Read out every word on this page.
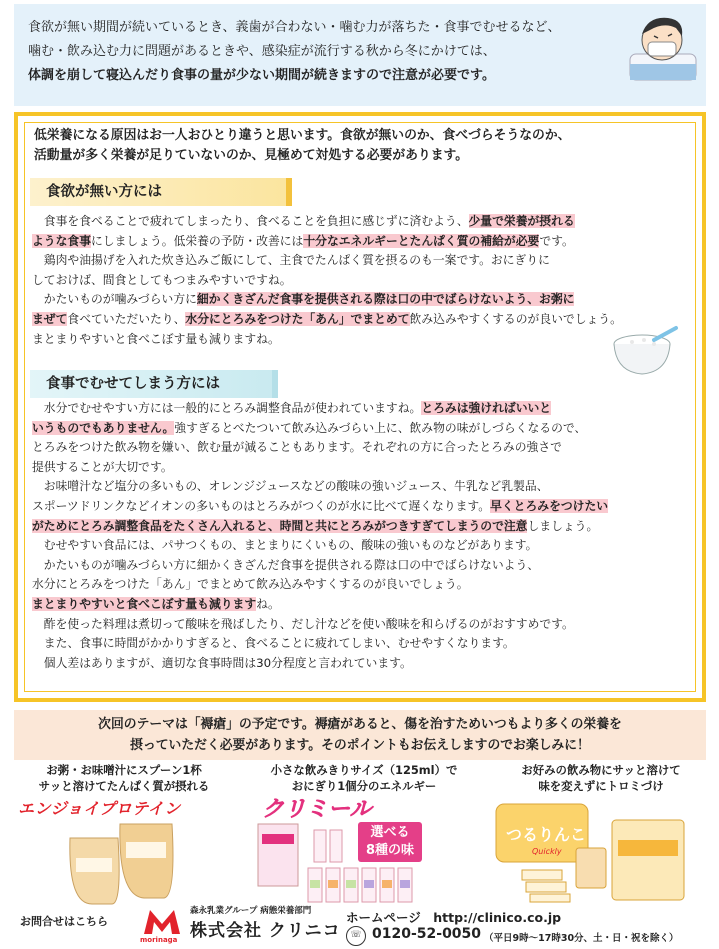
食欲が無い期間が続いているとき、義歯が合わない・噛む力が落ちた・食事でむせるなど、
噛む・飲み込む力に問題があるときや、感染症が流行する秋から冬にかけては、
体調を崩して寝込んだり食事の量が少ない期間が続きますので注意が必要です。
低栄養になる原因はお一人おひとり違うと思います。食欲が無いのか、食べづらそうなのか、
活動量が多く栄養が足りていないのか、見極めて対処する必要があります。
食欲が無い方には
　食事を食べることで疲れてしまったり、食べることを負担に感じずに済むよう、少量で栄養が摂れる
ような食事にしましょう。低栄養の予防・改善には十分なエネルギーとたんぱく質の補給が必要です。
　鶏肉や油揚げを入れた炊き込みご飯にして、主食でたんぱく質を摂るのも一案です。おにぎりに
しておけば、間食としてもつまみやすいですね。
　かたいものが噛みづらい方に細かくきざんだ食事を提供される際は口の中でばらけないよう、お粥に
まぜて食べていただいたり、水分にとろみをつけた「あん」でまとめて飲み込みやすくするのが良いでしょう。
まとまりやすいと食べこぼす量も減りますね。
食事でむせてしまう方には
　水分でむせやすい方には一般的にとろみ調整食品が使われていますね。とろみは強ければいいと
いうものでもありません。強すぎるとべたついて飲み込みづらい上に、飲み物の味がしづらくなるので、
とろみをつけた飲み物を嫌い、飲む量が減ることもあります。それぞれの方に合ったとろみの強さで
提供することが大切です。
　お味噌汁など塩分の多いもの、オレンジジュースなどの酸味の強いジュース、牛乳など乳製品、
スポーツドリンクなどイオンの多いものはとろみがつくのが水に比べて遅くなります。早くとろみをつけたい
がためにとろみ調整食品をたくさん入れると、時間と共にとろみがつきすぎてしまうので注意しましょう。
　むせやすい食品には、パサつくもの、まとまりにくいもの、酸味の強いものなどがあります。
　かたいものが噛みづらい方に細かくきざんだ食事を提供される際は口の中でばらけないよう、
水分にとろみをつけた「あん」でまとめて飲み込みやすくするのが良いでしょう。
まとまりやすいと食べこぼす量も減りますね。
　酢を使った料理は煮切って酸味を飛ばしたり、だし汁などを使い酸味を和らげるのがおすすめです。
　また、食事に時間がかかりすぎると、食べることに疲れてしまい、むせやすくなります。
　個人差はありますが、適切な食事時間は30分程度と言われています。
次回のテーマは「褥瘡」の予定です。褥瘡があると、傷を治すためいつもより多くの栄養を
摂っていただく必要があります。そのポイントもお伝えしますのでお楽しみに！
お粥・お味噌汁にスプーン1杯
サッと溶けてたんぱく質が摂れる
エンジョイプロテイン
小さな飲みきりサイズ（125ml）で
おにぎり1個分のエネルギー
クリミール
選べる
8種の味
お好みの飲み物にサッと溶けて
味を変えずにトロミづけ
つるりんこ
Quickly
お問合せはこちら
morinaga
森永乳業グループ 病態栄養部門
株式会社 クリニコ
ホームページ　http://clinico.co.jp
☏ 0120-52-0050 （平日9時〜17時30分、土・日・祝を除く）
